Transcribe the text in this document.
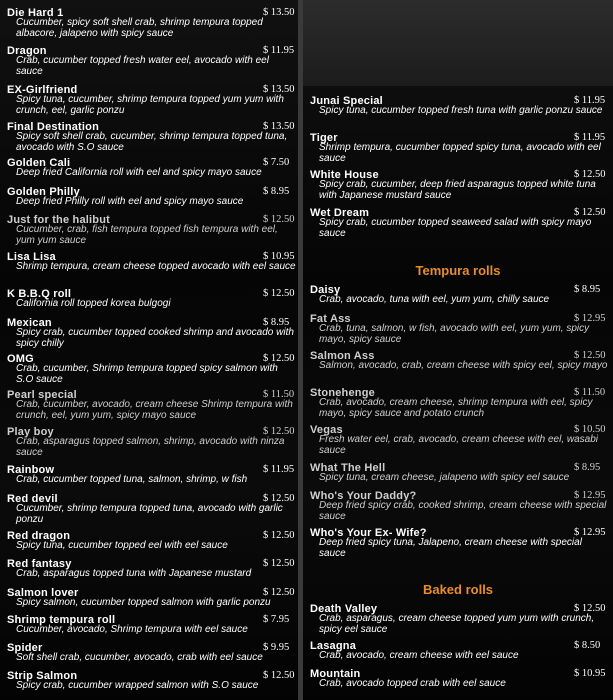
Die Hard 1	$ 13.50
Cucumber, spicy soft shell crab, shrimp tempura topped albacore, jalapeno with spicy sauce
Dragon	$ 11.95
Crab, cucumber topped fresh water eel, avocado with eel sauce
EX-Girlfriend	$ 13.50
Spicy tuna, cucumber, shrimp tempura topped yum yum with crunch, eel, garlic ponzu
Final Destination	$ 13.50
Spicy soft shell crab, cucumber, shrimp tempura topped tuna, avocado with S.O sauce
Golden Cali	$ 7.50
Deep fried California roll with eel and spicy mayo sauce
Golden Philly	$ 8.95
Deep fried Philly roll with eel and spicy mayo sauce
Just for the halibut	$ 12.50
Cucumber, crab, fish tempura topped fish tempura with eel, yum yum sauce
Lisa Lisa	$ 10.95
Shrimp tempura, cream cheese topped avocado with eel sauce
K B.B.Q roll	$ 12.50
California roll topped korea bulgogi
Mexican	$ 8.95
Spicy crab, cucumber topped cooked shrimp and avocado with spicy chilly
OMG	$ 12.50
Crab, cucumber, Shrimp tempura topped spicy salmon with S.O sauce
Pearl special	$ 11.50
Crab, cucumber, avocado, cream cheese Shrimp tempura with crunch, eel, yum yum, spicy mayo sauce
Play boy	$ 12.50
Crab, asparagus topped salmon, shrimp, avocado with ninza sauce
Rainbow	$ 11.95
Crab, cucumber topped tuna, salmon, shrimp, w fish
Red devil	$ 12.50
Cucumber, shrimp tempura topped tuna, avocado with garlic ponzu
Red dragon	$ 12.50
Spicy tuna, cucumber topped eel with eel sauce
Red fantasy	$ 12.50
Crab, asparagus topped tuna with Japanese mustard
Salmon lover	$ 12.50
Spicy salmon, cucumber topped salmon with garlic ponzu
Shrimp tempura roll	$ 7.95
Cucumber, avocado, Shrimp tempura with eel sauce
Spider	$ 9.95
Soft shell crab, cucumber, avocado, crab with eel sauce
Strip Salmon	$ 12.50
Spicy crab, cucumber wrapped salmon with S.O sauce
Junai Special	$ 11.95
Spicy tuna, cucumber topped fresh tuna with garlic ponzu sauce
Tiger	$ 11.95
Shrimp tempura, cucumber topped spicy tuna, avocado with eel sauce
White House	$ 12.50
Spicy crab, cucumber, deep fried asparagus topped white tuna with Japanese mustard sauce
Wet Dream	$ 12.50
Spicy crab, cucumber topped seaweed salad with spicy mayo sauce
Tempura rolls
Daisy	$ 8.95
Crab, avocado, tuna with eel, yum yum, chilly sauce
Fat Ass	$ 12.95
Crab, tuna, salmon, w fish, avocado with eel, yum yum, spicy mayo, spicy sauce
Salmon Ass	$ 12.50
Salmon, avocado, crab, cream cheese with spicy eel, spicy mayo
Stonehenge	$ 11.50
Crab, avocado, cream cheese, shrimp tempura with eel, spicy mayo, spicy sauce and potato crunch
Vegas	$ 10.50
Fresh water eel, crab, avocado, cream cheese with eel, wasabi sauce
What The Hell	$ 8.95
Spicy tuna, cream cheese, jalapeno with spicy eel sauce
Who's Your Daddy?	$ 12.95
Deep fried spicy crab, cooked shrimp, cream cheese with special sauce
Who's Your Ex- Wife?	$ 12.95
Deep fried spicy tuna, Jalapeno, cream cheese with special sauce
Baked rolls
Death Valley	$ 12.50
Crab, asparagus, cream cheese topped yum yum with crunch, spicy eel sauce
Lasagna	$ 8.50
Crab, avocado, cream cheese with eel sauce
Mountain	$ 10.95
Crab, avocado topped crab with eel sauce
